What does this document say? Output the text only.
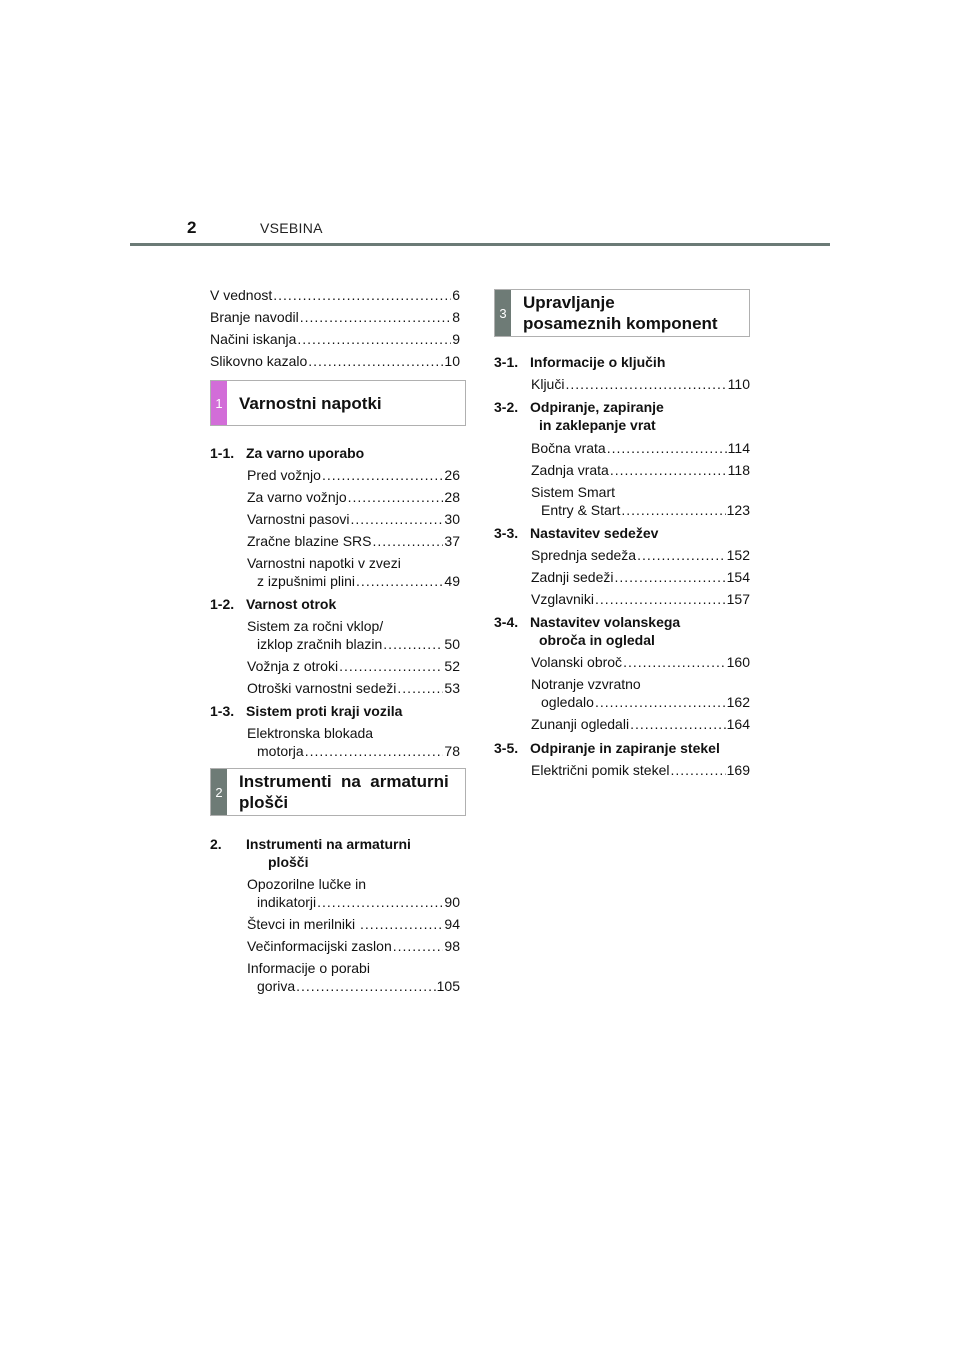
2	VSEBINA
V vednost .....	6
Branje navodil .....	8
Načini iskanja .....	9
Slikovno kazalo .....	10
1 Varnostni napotki
1-1. Za varno uporabo
Pred vožnjo .....	26
Za varno vožnjo .....	28
Varnostni pasovi .....	30
Zračne blazine SRS .....	37
Varnostni napotki v zvezi
z izpušnimi plini .....	49
1-2. Varnost otrok
Sistem za ročni vklop/
izklop zračnih blazin .....	50
Vožnja z otroki .....	52
Otroški varnostni sedeži .....	53
1-3. Sistem proti kraji vozila
Elektronska blokada
motorja .....	78
2
Instrumenti  na  armaturni
plošči
2. Instrumenti na armaturni
plošči
Opozorilne lučke in
indikatorji .....	90
Števci in merilniki .....	94
Večinformacijski zaslon .....	98
Informacije o porabi
goriva .....	105
3
Upravljanje
posameznih komponent
3-1. Informacije o ključih
Ključi .....	110
3-2. Odpiranje, zapiranje
in zaklepanje vrat
Bočna vrata .....	114
Zadnja vrata .....	118
Sistem Smart
Entry & Start .....	123
3-3. Nastavitev sedežev
Sprednja sedeža .....	152
Zadnji sedeži .....	154
Vzglavniki .....	157
3-4. Nastavitev volanskega
obroča in ogledal
Volanski obroč .....	160
Notranje vzvratno
ogledalo .....	162
Zunanji ogledali .....	164
3-5. Odpiranje in zapiranje stekel
Električni pomik stekel .....	169
